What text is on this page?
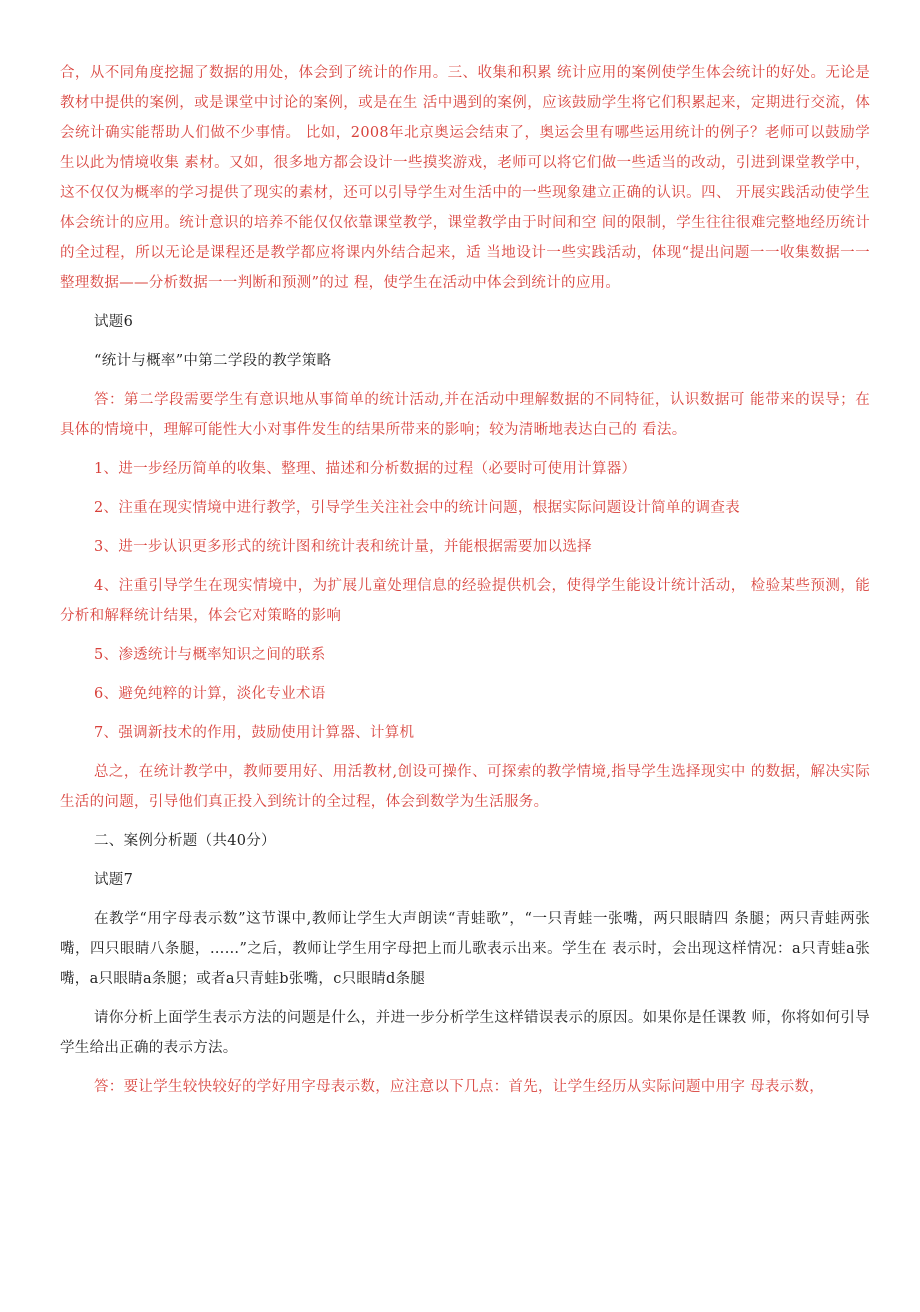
合，从不同角度挖掘了数据的用处，体会到了统计的作用。三、收集和积累 统计应用的案例使学生体会统计的好处。无论是教材中提供的案例，或是课堂中讨论的案例，或是在生 活中遇到的案例，应该鼓励学生将它们积累起来，定期进行交流，体会统计确实能帮助人们做不少事情。 比如，2008年北京奥运会结束了，奥运会里有哪些运用统计的例子？老师可以鼓励学生以此为情境收集 素材。又如，很多地方都会设计一些摸奖游戏，老师可以将它们做一些适当的改动，引进到课堂教学中， 这不仅仅为概率的学习提供了现实的素材，还可以引导学生对生活中的一些现象建立正确的认识。四、 开展实践活动使学生体会统计的应用。统计意识的培养不能仅仅依靠课堂教学，课堂教学由于时间和空 间的限制，学生往往很难完整地经历统计的全过程，所以无论是课程还是教学都应将课内外结合起来，适 当地设计一些实践活动，体现“提出问题一一收集数据一一整理数据——分析数据一一判断和预测”的过 程，使学生在活动中体会到统计的应用。

试题6

“统计与概率”中第二学段的教学策略

答：第二学段需要学生有意识地从事简单的统计活动,并在活动中理解数据的不同特征，认识数据可 能带来的误导；在具体的情境中，理解可能性大小对事件发生的结果所带来的影响；较为清晰地表达白己的 看法。

1、进一步经历简单的收集、整理、描述和分析数据的过程（必要时可使用计算器）

2、注重在现实情境中进行教学，引导学生关注社会中的统计问题，根据实际问题设计简单的调查表

3、进一步认识更多形式的统计图和统计表和统计量，并能根据需要加以选择

4、注重引导学生在现实情境中，为扩展儿童处理信息的经验提供机会，使得学生能设计统计活动， 检验某些预测，能分析和解释统计结果，体会它对策略的影响

5、渗透统计与概率知识之间的联系

6、避免纯粹的计算，淡化专业术语

7、强调新技术的作用，鼓励使用计算器、计算机

总之，在统计教学中，教师要用好、用活教材,创设可操作、可探索的教学情境,指导学生选择现实中 的数据，解决实际生活的问题，引导他们真正投入到统计的全过程，体会到数学为生活服务。

二、案例分析题（共40分）

试题7

在教学“用字母表示数”这节课中,教师让学生大声朗读“青蛙歌”，“一只青蛙一张嘴，两只眼睛四 条腿；两只青蛙两张嘴，四只眼睛八条腿，……”之后，教师让学生用字母把上而儿歌表示出来。学生在 表示时，会出现这样情况：a只青蛙a张嘴，a只眼睛a条腿；或者a只青蛙b张嘴，c只眼睛d条腿

请你分析上面学生表示方法的问题是什么，并进一步分析学生这样错误表示的原因。如果你是任课教 师，你将如何引导学生给出正确的表示方法。

答：要让学生较快较好的学好用字母表示数，应注意以下几点：首先，让学生经历从实际问题中用字 母表示数，
